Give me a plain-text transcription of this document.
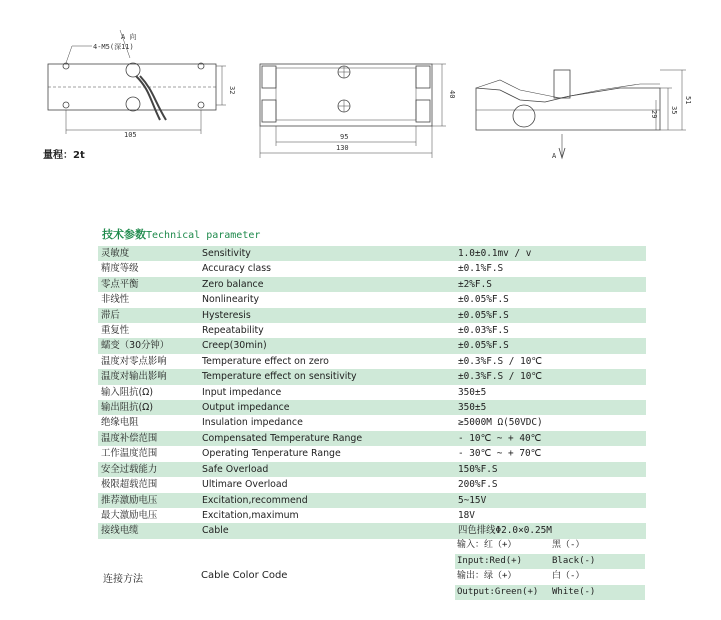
A 向
4-M5(深11)
105
32
95
130
40
51
35
29
A
量程：2t
技术参数Technical parameter
灵敏度	Sensitivity	1.0±0.1mv / v
精度等级	Accuracy class	±0.1%F.S
零点平衡	Zero balance	±2%F.S
非线性	Nonlinearity	±0.05%F.S
滞后	Hysteresis	±0.05%F.S
重复性	Repeatability	±0.03%F.S
蠕变（30分钟）	Creep(30min)	±0.05%F.S
温度对零点影响	Temperature effect on zero	±0.3%F.S / 10℃
温度对输出影响	Temperature effect on sensitivity	±0.3%F.S / 10℃
输入阻抗(Ω)	Input impedance	350±5
输出阻抗(Ω)	Output impedance	350±5
绝缘电阻	Insulation impedance	≥5000M Ω(50VDC)
温度补偿范围	Compensated Temperature Range	- 10℃ ~ + 40℃
工作温度范围	Operating Tenperature Range	- 30℃ ~ + 70℃
安全过载能力	Safe Overload	150%F.S
极限超载范围	Ultimare Overload	200%F.S
推荐激励电压	Excitation,recommend	5~15V
最大激励电压	Excitation,maximum	18V
接线电缆	Cable	四色排线Φ2.0×0.25M
连接方法	Cable Color Code
输入：红（+）	黑（-）
Input:Red(+)	Black(-)
输出：绿（+）	白（-）
Output:Green(+)	White(-)
